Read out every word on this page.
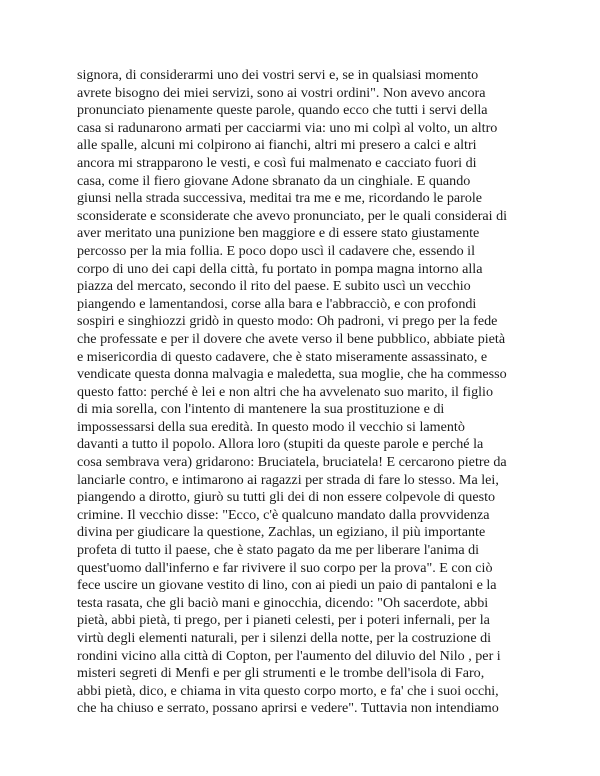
signora, di considerarmi uno dei vostri servi e, se in qualsiasi momento
avrete bisogno dei miei servizi, sono ai vostri ordini". Non avevo ancora
pronunciato pienamente queste parole, quando ecco che tutti i servi della
casa si radunarono armati per cacciarmi via: uno mi colpì al volto, un altro
alle spalle, alcuni mi colpirono ai fianchi, altri mi presero a calci e altri
ancora mi strapparono le vesti, e così fui malmenato e cacciato fuori di
casa, come il fiero giovane Adone sbranato da un cinghiale. E quando
giunsi nella strada successiva, meditai tra me e me, ricordando le parole
sconsiderate e sconsiderate che avevo pronunciato, per le quali considerai di
aver meritato una punizione ben maggiore e di essere stato giustamente
percosso per la mia follia. E poco dopo uscì il cadavere che, essendo il
corpo di uno dei capi della città, fu portato in pompa magna intorno alla
piazza del mercato, secondo il rito del paese. E subito uscì un vecchio
piangendo e lamentandosi, corse alla bara e l'abbracciò, e con profondi
sospiri e singhiozzi gridò in questo modo: Oh padroni, vi prego per la fede
che professate e per il dovere che avete verso il bene pubblico, abbiate pietà
e misericordia di questo cadavere, che è stato miseramente assassinato, e
vendicate questa donna malvagia e maledetta, sua moglie, che ha commesso
questo fatto: perché è lei e non altri che ha avvelenato suo marito, il figlio
di mia sorella, con l'intento di mantenere la sua prostituzione e di
impossessarsi della sua eredità. In questo modo il vecchio si lamentò
davanti a tutto il popolo. Allora loro (stupiti da queste parole e perché la
cosa sembrava vera) gridarono: Bruciatela, bruciatela! E cercarono pietre da
lanciarle contro, e intimarono ai ragazzi per strada di fare lo stesso. Ma lei,
piangendo a dirotto, giurò su tutti gli dei di non essere colpevole di questo
crimine. Il vecchio disse: "Ecco, c'è qualcuno mandato dalla provvidenza
divina per giudicare la questione, Zachlas, un egiziano, il più importante
profeta di tutto il paese, che è stato pagato da me per liberare l'anima di
quest'uomo dall'inferno e far rivivere il suo corpo per la prova". E con ciò
fece uscire un giovane vestito di lino, con ai piedi un paio di pantaloni e la
testa rasata, che gli baciò mani e ginocchia, dicendo: "Oh sacerdote, abbi
pietà, abbi pietà, ti prego, per i pianeti celesti, per i poteri infernali, per la
virtù degli elementi naturali, per i silenzi della notte, per la costruzione di
rondini vicino alla città di Copton, per l'aumento del diluvio del Nilo , per i
misteri segreti di Menfi e per gli strumenti e le trombe dell'isola di Faro,
abbi pietà, dico, e chiama in vita questo corpo morto, e fa' che i suoi occhi,
che ha chiuso e serrato, possano aprirsi e vedere". Tuttavia non intendiamo
